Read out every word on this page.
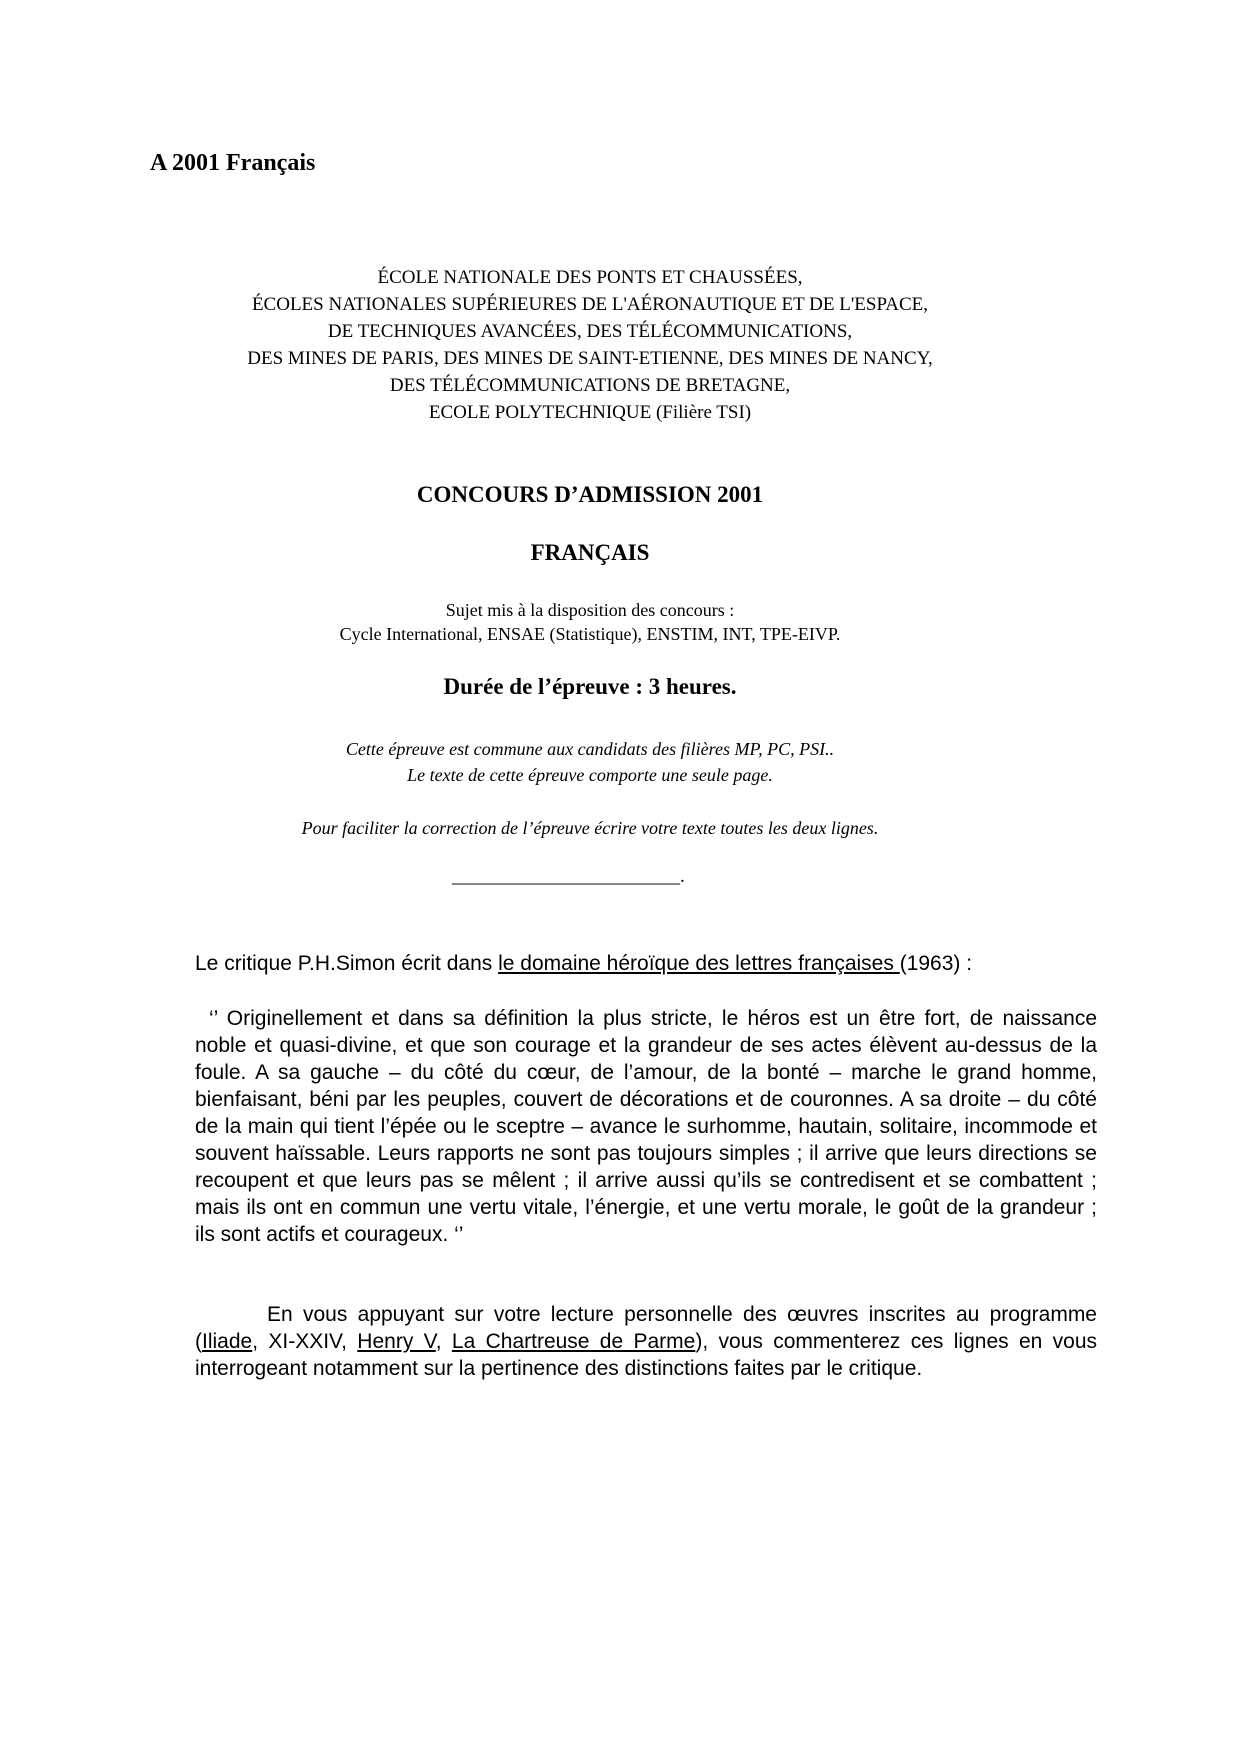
A 2001 Français
ÉCOLE NATIONALE DES PONTS ET CHAUSSÉES,
ÉCOLES NATIONALES SUPÉRIEURES DE L'AÉRONAUTIQUE ET DE L'ESPACE,
DE TECHNIQUES AVANCÉES, DES TÉLÉCOMMUNICATIONS,
DES MINES DE PARIS, DES MINES DE SAINT-ETIENNE, DES MINES DE NANCY,
DES TÉLÉCOMMUNICATIONS DE BRETAGNE,
ECOLE POLYTECHNIQUE (Filière TSI)
CONCOURS D’ADMISSION 2001
FRANÇAIS
Sujet mis à la disposition des concours :
Cycle International, ENSAE (Statistique), ENSTIM, INT, TPE-EIVP.
Durée de l’épreuve : 3 heures.
Cette épreuve est commune aux candidats des filières MP, PC, PSI..
Le texte de cette épreuve comporte une seule page.
Pour faciliter la correction de l’épreuve écrire votre texte toutes les deux lignes.
________________________.
Le critique P.H.Simon écrit dans le domaine héroïque des lettres françaises (1963) :
‘’ Originellement et dans sa définition la plus stricte, le héros est un être fort, de naissance noble et quasi-divine, et que son courage et la grandeur de ses actes élèvent au-dessus de la foule. A sa gauche – du côté du cœur, de l’amour, de la bonté – marche le grand homme, bienfaisant, béni par les peuples, couvert de décorations et de couronnes. A sa droite – du côté de la main qui tient l’épée ou le sceptre – avance le surhomme, hautain, solitaire, incommode et souvent haïssable. Leurs rapports ne sont pas toujours simples ; il arrive que leurs directions se recoupent et que leurs pas se mêlent ; il arrive aussi qu’ils se contredisent et se combattent ; mais ils ont en commun une vertu vitale, l’énergie, et une vertu morale, le goût de la grandeur ; ils sont actifs et courageux. ‘’
En vous appuyant sur votre lecture personnelle des œuvres inscrites au programme (Iliade, XI-XXIV, Henry V, La Chartreuse de Parme), vous commenterez ces lignes en vous interrogeant notamment sur la pertinence des distinctions faites par le critique.
